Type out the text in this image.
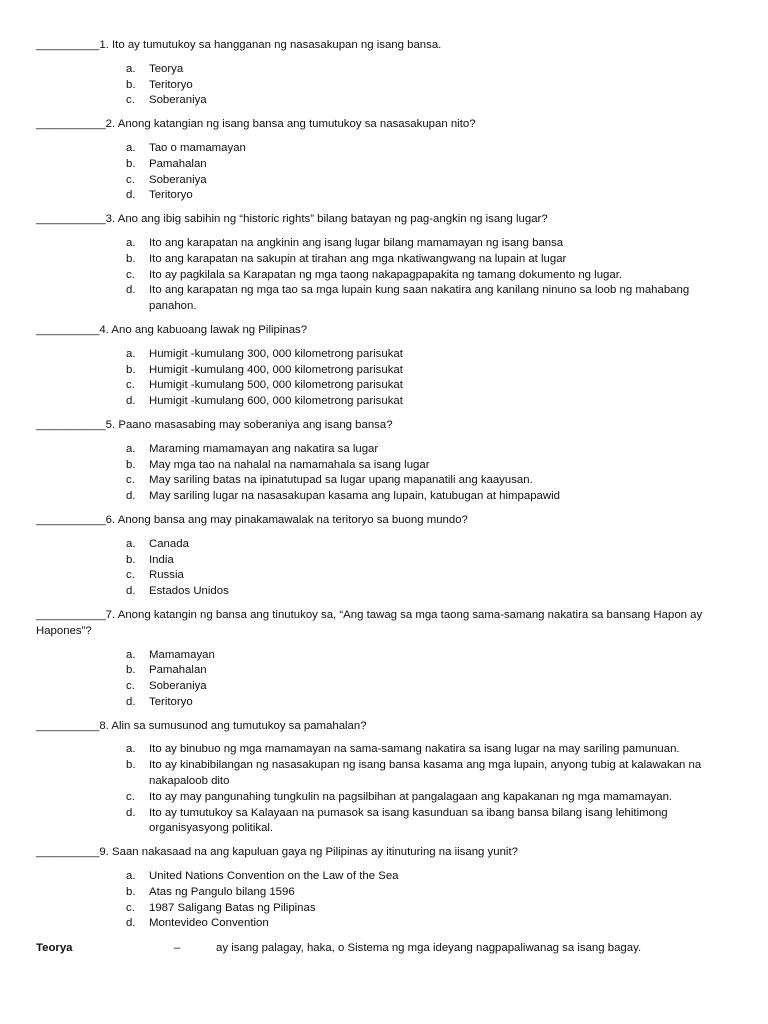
__________1. Ito ay tumutukoy sa hangganan ng nasasakupan ng isang bansa.

a. Teorya
b. Teritoryo
c. Soberaniya

___________2. Anong katangian ng isang bansa ang tumutukoy sa nasasakupan nito?

a. Tao o mamamayan
b. Pamahalan
c. Soberaniya
d. Teritoryo

___________3. Ano ang ibig sabihin ng “historic rights” bilang batayan ng pag-angkin ng isang lugar?

a. Ito ang karapatan na angkinin ang isang lugar bilang mamamayan ng isang bansa
b. Ito ang karapatan na sakupin at tirahan ang mga nkatiwangwang na lupain at lugar
c. Ito ay pagkilala sa Karapatan ng mga taong nakapagpapakita ng tamang dokumento ng lugar.
d. Ito ang karapatan ng mga tao sa mga lupain kung saan nakatira ang kanilang ninuno sa loob ng mahabang panahon.

__________4. Ano ang kabuoang lawak ng Pilipinas?

a. Humigit -kumulang 300, 000 kilometrong parisukat
b. Humigit -kumulang 400, 000 kilometrong parisukat
c. Humigit -kumulang 500, 000 kilometrong parisukat
d. Humigit -kumulang 600, 000 kilometrong parisukat

___________5. Paano masasabing may soberaniya ang isang bansa?

a. Maraming mamamayan ang nakatira sa lugar
b. May mga tao na nahalal na namamahala sa isang lugar
c. May sariling batas na ipinatutupad sa lugar upang mapanatili ang kaayusan.
d. May sariling lugar na nasasakupan kasama ang lupain, katubugan at himpapawid

___________6. Anong bansa ang may pinakamawalak na teritoryo sa buong mundo?

a. Canada
b. India
c. Russia
d. Estados Unidos

___________7. Anong katangin ng bansa ang tinutukoy sa, “Ang tawag sa mga taong sama-samang nakatira sa bansang Hapon ay Hapones”?

a. Mamamayan
b. Pamahalan
c. Soberaniya
d. Teritoryo

__________8. Alin sa sumusunod ang tumutukoy sa pamahalan?

a. Ito ay binubuo ng mga mamamayan na sama-samang nakatira sa isang lugar na may sariling pamunuan.
b. Ito ay kinabibilangan ng nasasakupan ng isang bansa kasama ang mga lupain, anyong tubig at kalawakan na nakapaloob dito
c. Ito ay may pangunahing tungkulin na pagsilbihan at pangalagaan ang kapakanan ng mga mamamayan.
d. Ito ay tumutukoy sa Kalayaan na pumasok sa isang kasunduan sa ibang bansa bilang isang lehitimong organisyasyong politikal.

__________9. Saan nakasaad na ang kapuluan gaya ng Pilipinas ay itinuturing na iisang yunit?

a. United Nations Convention on the Law of the Sea
b. Atas ng Pangulo bilang 1596
c. 1987 Saligang Batas ng Pilipinas
d. Montevideo Convention
Teorya	–	ay isang palagay, haka, o Sistema ng mga ideyang nagpapaliwanag sa isang bagay.
